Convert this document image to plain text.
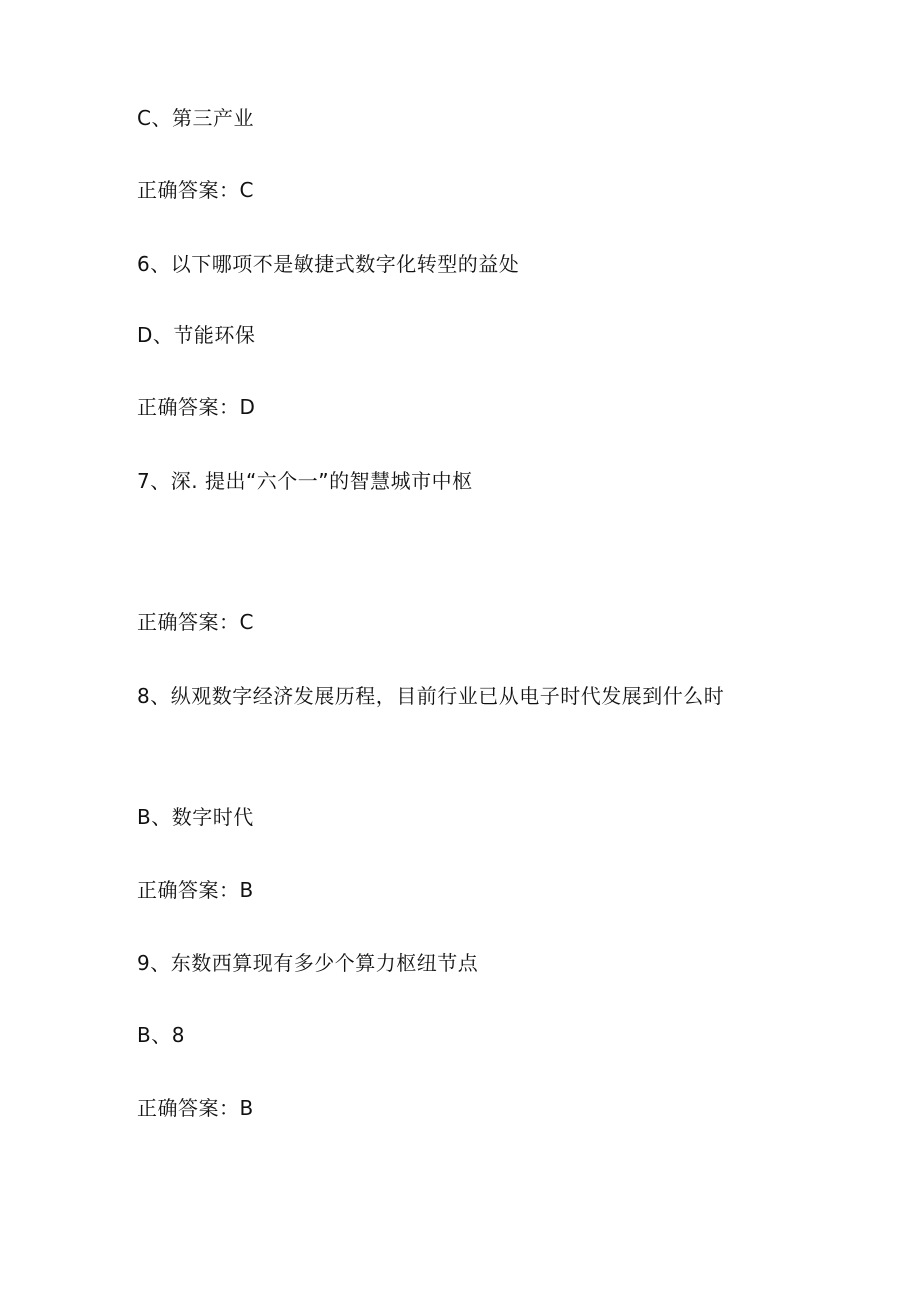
C、第三产业
正确答案：C
6、以下哪项不是敏捷式数字化转型的益处
D、节能环保
正确答案：D
7、深. 提出“六个一”的智慧城市中枢
正确答案：C
8、纵观数字经济发展历程，目前行业已从电子时代发展到什么时
B、数字时代
正确答案：B
9、东数西算现有多少个算力枢纽节点
B、8
正确答案：B
